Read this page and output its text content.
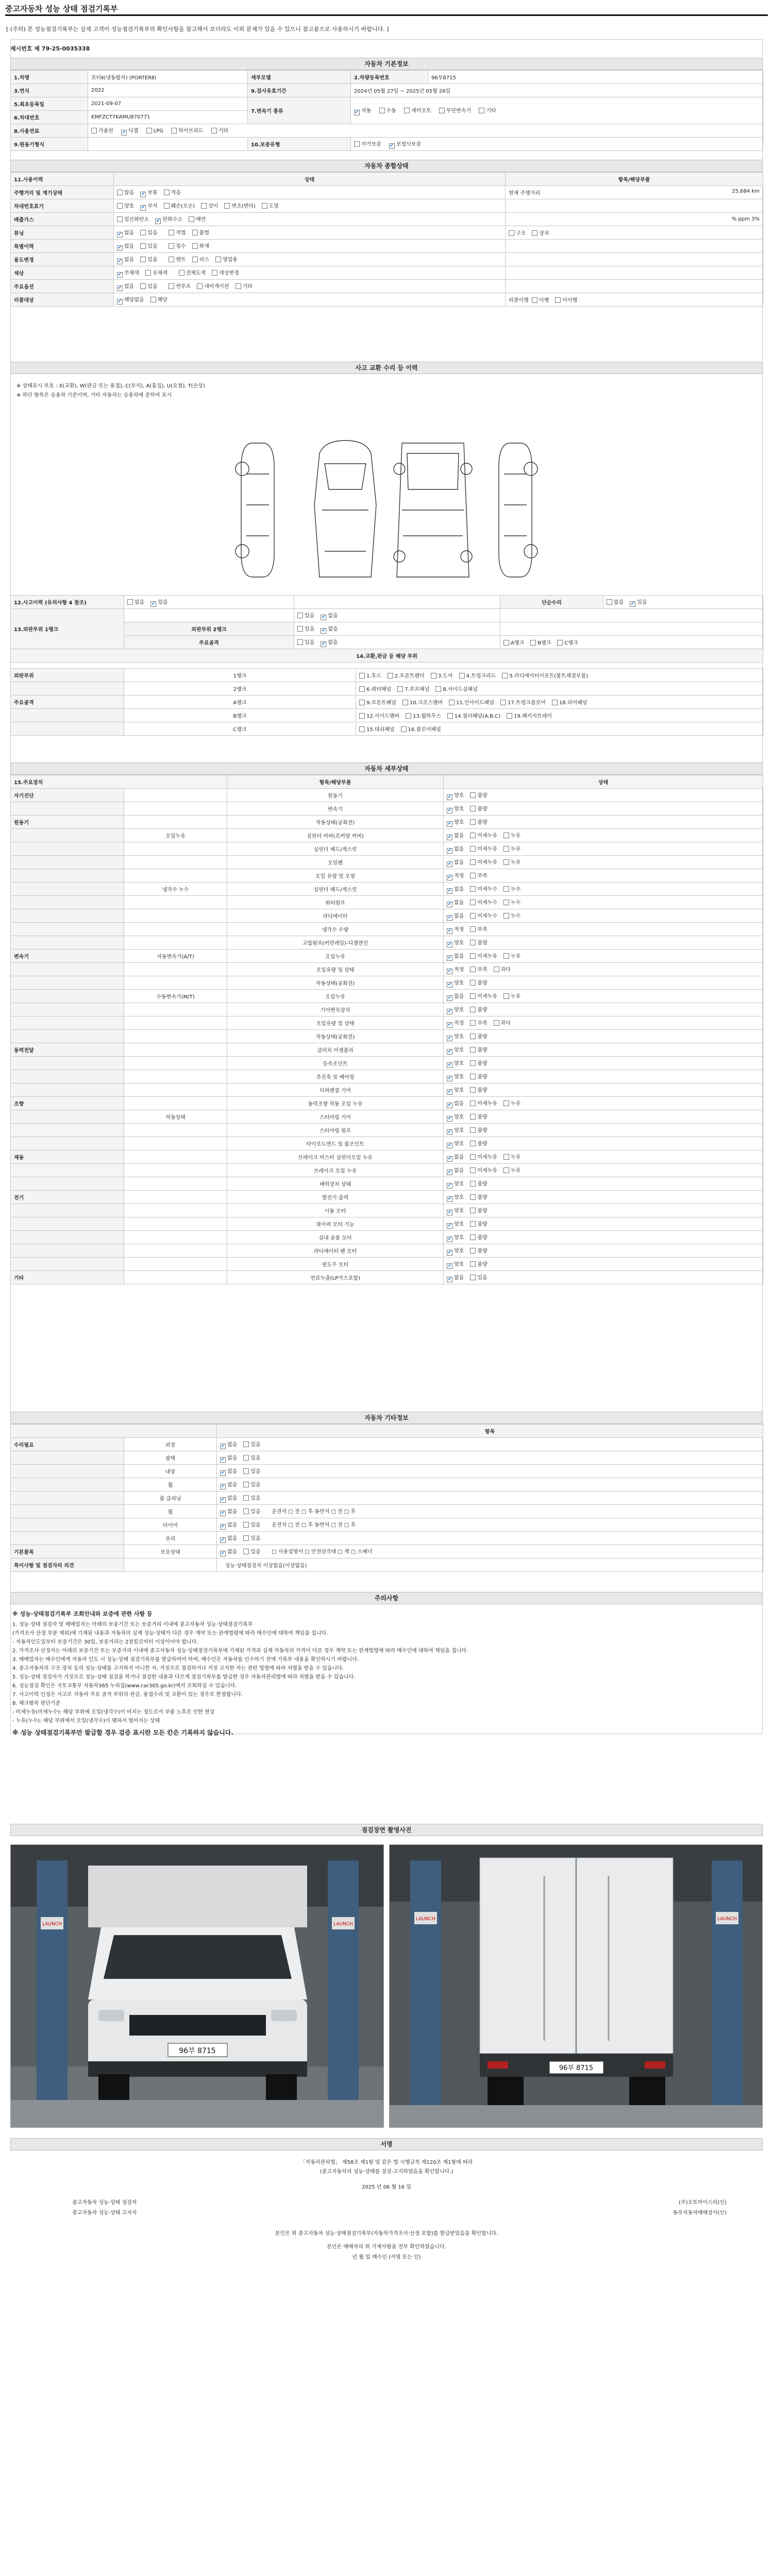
중고자동차 성능 상태 점검기록부
[ (주의) 본 성능점검기록부는 실제 고객이 성능점검기록부의 확인사항을 참고해서 보더라도 이외 문제가 있을 수 있으니 참고용으로 사용하시기 바랍니다. ]
제시번호 제 79-25-0035338
자동차 기본정보
1.차명	포터Ⅱ(냉동탑차) (PORTERⅡ)	세부모델	2.차량등록번호	96부8715
3.연식	2022	9.검사유효기간	2024년 05월 27일 ~ 2025년 05월 26일	
5.최초등록일	2021-09-07	7.변속기 종류	✔자동 수동 세미오토 무단변속기 기타
6.차대번호	KMFZCT7KAMU870771			
8.사용연료	가솔린 ✔ 디젤 LPG 하이브리드 기타
9.원동기형식		10.보증유형	자가보증 ✔ 보험사보증
자동차 종합상태
11.사용이력	상태	항목/해당부품
주행거리 및 계기상태	많음 ✔ 보통 적음	현재 주행거리 25,684 km

차대번호표기	양호 ✔ 부식 훼손(오손) 상이 변조(변타) 도말	
배출가스	일산화탄소 ✔ 탄화수소 매연	% ppm 3%

튜닝	✔없음 있음 적법 불법	구조 장치
특별이력	✔없음 있음 침수 화재	
용도변경	✔없음 있음 렌트 리스 영업용	
색상	✔무채색 유채색 전체도색 색상변경	
주요옵션	✔없음 있음 썬루프 네비게이션 기타	
리콜대상	✔해당없음 해당	리콜이행 이행 미이행
사고 교환 수리 등 이력
※ 상태표시 부호 : X(교환), W(판금 또는 용접), C(부식), A(흠집), U(요철), T(손상)
※ 하단 항목은 승용차 기준이며, 기타 자동차는 승용차에 준하여 표시
12.사고이력 (유의사항 4 참조)	없음 ✔ 있음		단순수리	없음 ✔ 있음
13.외판부위 1랭크		있음 ✔ 없음	
	외판부위 2랭크	있음 ✔ 없음	
	주요골격	있음 ✔ 없음	A랭크 B랭크 C랭크	
14.교환,판금 등 해당 부위				
외판부위	1랭크	1.후드 2.프론트펜더 3.도어 4.트렁크리드 5.라디에이터서포트(볼트체결부품)
	2랭크	6.쿼터패널 7.루프패널 8.사이드실패널
주요골격	A랭크	9.프론트패널 10.크로스멤버 11.인사이드패널 17.트렁크플로어 18.리어패널
	B랭크	12.사이드멤버 13.휠하우스 14.필러패널(A,B,C) 19.패키지트레이
	C랭크	15.대쉬패널 16.플로어패널
자동차 세부상태
15.주요장치		항목/해당부품	상태
자기진단		원동기	✔양호 불량
		변속기	✔양호 불량
원동기		작동상태(공회전)	✔양호 불량
	오일누유	실린더 커버(로커암 커버)	✔없음 미세누유 누유
		실린더 헤드/개스킷	✔없음 미세누유 누유
		오일팬	✔없음 미세누유 누유
		오일 유량 및 오염	✔적정 부족
	냉각수 누수	실린더 헤드/개스킷	✔없음 미세누수 누수
		워터펌프	✔없음 미세누수 누수
		라디에이터	✔없음 미세누수 누수
		냉각수 수량	✔적정 부족
		고압펌프(커먼레일)-디젤엔진	✔양호 불량
변속기	자동변속기(A/T)	오일누유	✔없음 미세누유 누유
		오일유량 및 상태	✔적정 부족 과다
		작동상태(공회전)	✔양호 불량
	수동변속기(M/T)	오일누유	✔없음 미세누유 누유
		기어변속장치	✔양호 불량
		오일유량 및 상태	✔적정 부족 과다
		작동상태(공회전)	✔양호 불량
동력전달		클러치 어셈블리	✔양호 불량
		등속조인트	✔양호 불량
		추진축 및 베어링	✔양호 불량
		디퍼렌셜 기어	✔양호 불량
조향		동력조향 작동 오일 누유	✔없음 미세누유 누유
	작동상태	스티어링 기어	✔양호 불량
		스티어링 펌프	✔양호 불량
		타이로드엔드 및 볼조인트	✔양호 불량
제동		브레이크 마스터 실린더오일 누유	✔없음 미세누유 누유
		브레이크 오일 누유	✔없음 미세누유 누유
		배력장치 상태	✔양호 불량
전기		발전기 출력	✔양호 불량
		시동 모터	✔양호 불량
		와이퍼 모터 기능	✔양호 불량
		실내 송풍 모터	✔양호 불량
		라디에이터 팬 모터	✔양호 불량
		윈도우 모터	✔양호 불량
기타		연료누출(LP가스포함)	✔없음 있음
자동차 기타정보
		항목
수리필요	외장	✔없음 있음
	광택	✔없음 있음
	내장	✔없음 있음
	휠	✔없음 있음
	룸 클리닝	✔없음 있음
	휠	✔없음 있음 운전석 □ 전 □ 후 동반석 □ 전 □ 후
	타이어	✔없음 있음 운전석 □ 전 □ 후 동반석 □ 전 □ 후
	유리	✔없음 있음
기본품목	보유상태	✔없음 있음 □ 사용설명서 □ 안전삼각대 □ 잭 □ 스패너
특이사항 및 점검자의 의견		성능·상태점검자 이상없음(이상없음)
주의사항
※ 성능·상태점검기록부 조회안내와 보증에 관한 사항 등
1. 성능·상태 점검자 및 매매업자는 아래의 보증기간 또는 보증거리 이내에 중고자동차 성능·상태점검기록부
(가격조사 산정 부분 제외)에 기재된 내용과 자동차의 실제 성능·상태가 다른 경우 계약 또는 관계법령에 따라 매수인에 대하여 책임을 집니다.
- 자동차인도일부터 보증기간은 30일, 보증거리는 2천킬로미터 이상이어야 합니다.
2. 가격조사·산정자는 아래의 보증기간 또는 보증거리 이내에 중고자동차 성능·상태점검기록부에 기재된 가격과 실제 자동차의 가격이 다른 경우 계약 또는 관계법령에 따라 매수인에 대하여 책임을 집니다.
3. 매매업자는 매수인에게 자동차 인도 시 성능·상태 점검기록부를 발급하여야 하며, 매수인은 자동차를 인수하기 전에 기록부 내용을 확인하시기 바랍니다.
4. 중고자동차의 구조·장치 등의 성능·상태를 고지하지 아니한 자, 거짓으로 점검하거나 거짓 고지한 자는 관련 법령에 따라 처벌을 받을 수 있습니다.
5. 성능·상태 점검자가 거짓으로 성능·상태 점검을 하거나 점검한 내용과 다르게 점검기록부를 발급한 경우 자동차관리법에 따라 처벌을 받을 수 있습니다.
6. 성능점검 확인은 국토교통부 자동차365 누리집(www.car365.go.kr)에서 조회하실 수 있습니다.
7. 사고이력 인정은 사고로 자동차 주요 골격 부위의 판금, 용접수리 및 교환이 있는 경우로 한정합니다.
8. 체크항목 판단기준
- 미세누유(미세누수): 해당 부위에 오일(냉각수)이 비치는 정도로서 부품 노후로 인한 현상
- 누유(누수): 해당 부위에서 오일(냉각수)이 맺혀서 떨어지는 상태
※ 성능 상태점검기록부만 발급할 경우 검증 표시란 모든 칸은 기록하지 않습니다.
점검장면 촬영사진
LAUNCH	LAUNCH
96부 8715
LAUNCH	LAUNCH
96부 8715
서명
「자동차관리법」 제58조 제1항 및 같은 법 시행규칙 제120조 제1항에 따라
(중고자동차의 성능·상태를 점검·고지하였음을 확인합니다.)
2025 년 06 월 16 일
중고자동차 성능·상태 점검자	(주)오토마이스터(인)
중고자동차 성능·상태 고지자	동부자동차매매상사(인)
본인은 위 중고자동차 성능·상태점검기록부(자동차가격조사·산정 포함)를 발급받았음을 확인합니다.
본인은 매매자의 위 기재사항을 전부 확인하였습니다.
년 월 일 매수인 (서명 또는 인)
